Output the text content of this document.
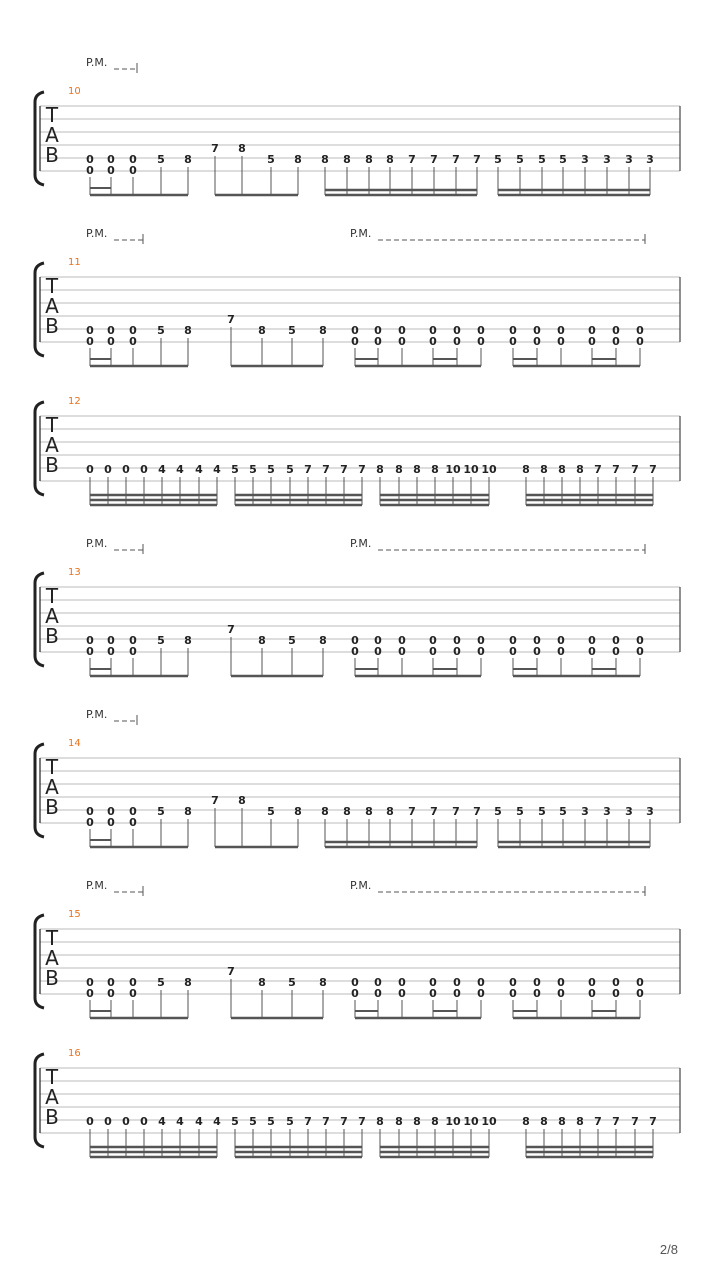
T
A
B
10
P.M.
0
0
0
0
0
0
5 8
7 8
5 8 8 8 8 8 7 7 7 7 5 5 5 5 3 3 3 3
T
A
B
11
P.M.	P.M.
0
0
0
0
0
0
5 8
7
8 5 8 0
0
0
0
0
0
0
0
0
0
0
0
0
0
0
0
0
0
0
0
0
0
0
0
T
A
B
12
0 0 0 0 4 4 4 4 5 5 5 5 7 7 7 7 8 8 8 8 10 10 10 8 8 8 8 7 7 7 7
T
A
B
13
P.M.	P.M.
0
0
0
0
0
0
5 8
7
8 5 8 0
0
0
0
0
0
0
0
0
0
0
0
0
0
0
0
0
0
0
0
0
0
0
0
T
A
B
14
P.M.
0
0
0
0
0
0
5 8
7 8
5 8 8 8 8 8 7 7 7 7 5 5 5 5 3 3 3 3
T
A
B
15
P.M.	P.M.
0
0
0
0
0
0
5 8
7
8 5 8 0
0
0
0
0
0
0
0
0
0
0
0
0
0
0
0
0
0
0
0
0
0
0
0
T
A
B
16
0 0 0 0 4 4 4 4 5 5 5 5 7 7 7 7 8 8 8 8 10 10 10 8 8 8 8 7 7 7 7
2/8
